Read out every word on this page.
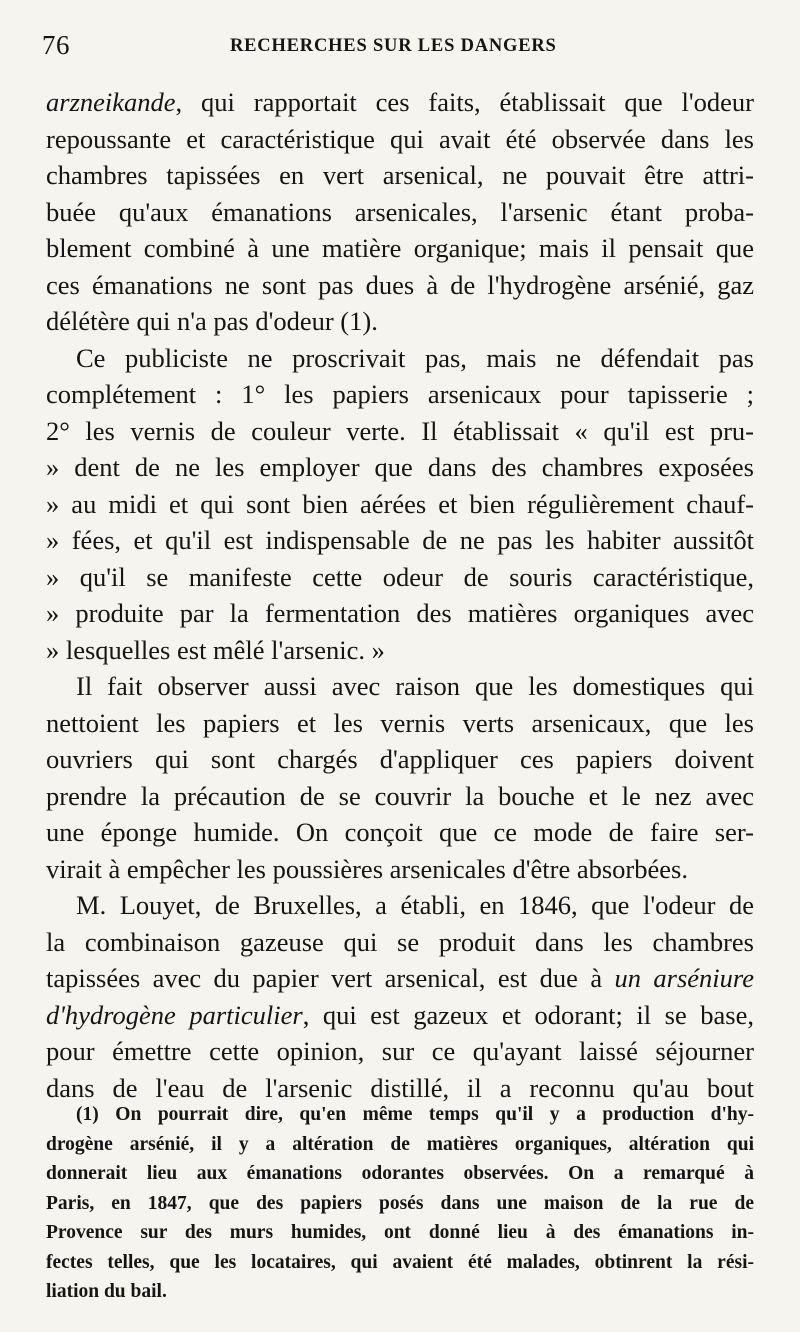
76	RECHERCHES SUR LES DANGERS
arzneikande, qui rapportait ces faits, établissait que l'odeur
repoussante et caractéristique qui avait été observée dans les
chambres tapissées en vert arsenical, ne pouvait être attri-
buée qu'aux émanations arsenicales, l'arsenic étant proba-
blement combiné à une matière organique; mais il pensait que
ces émanations ne sont pas dues à de l'hydrogène arsénié, gaz
délétère qui n'a pas d'odeur (1).
Ce publiciste ne proscrivait pas, mais ne défendait pas
complétement : 1° les papiers arsenicaux pour tapisserie ;
2° les vernis de couleur verte. Il établissait « qu'il est pru-
» dent de ne les employer que dans des chambres exposées
» au midi et qui sont bien aérées et bien régulièrement chauf-
» fées, et qu'il est indispensable de ne pas les habiter aussitôt
» qu'il se manifeste cette odeur de souris caractéristique,
» produite par la fermentation des matières organiques avec
» lesquelles est mêlé l'arsenic. »
Il fait observer aussi avec raison que les domestiques qui
nettoient les papiers et les vernis verts arsenicaux, que les
ouvriers qui sont chargés d'appliquer ces papiers doivent
prendre la précaution de se couvrir la bouche et le nez avec
une éponge humide. On conçoit que ce mode de faire ser-
virait à empêcher les poussières arsenicales d'être absorbées.
M. Louyet, de Bruxelles, a établi, en 1846, que l'odeur de
la combinaison gazeuse qui se produit dans les chambres
tapissées avec du papier vert arsenical, est due à un arséniure
d'hydrogène particulier, qui est gazeux et odorant; il se base,
pour émettre cette opinion, sur ce qu'ayant laissé séjourner
dans de l'eau de l'arsenic distillé, il a reconnu qu'au bout
(1) On pourrait dire, qu'en même temps qu'il y a production d'hy-
drogène arsénié, il y a altération de matières organiques, altération qui
donnerait lieu aux émanations odorantes observées. On a remarqué à
Paris, en 1847, que des papiers posés dans une maison de la rue de
Provence sur des murs humides, ont donné lieu à des émanations in-
fectes telles, que les locataires, qui avaient été malades, obtinrent la rési-
liation du bail.
